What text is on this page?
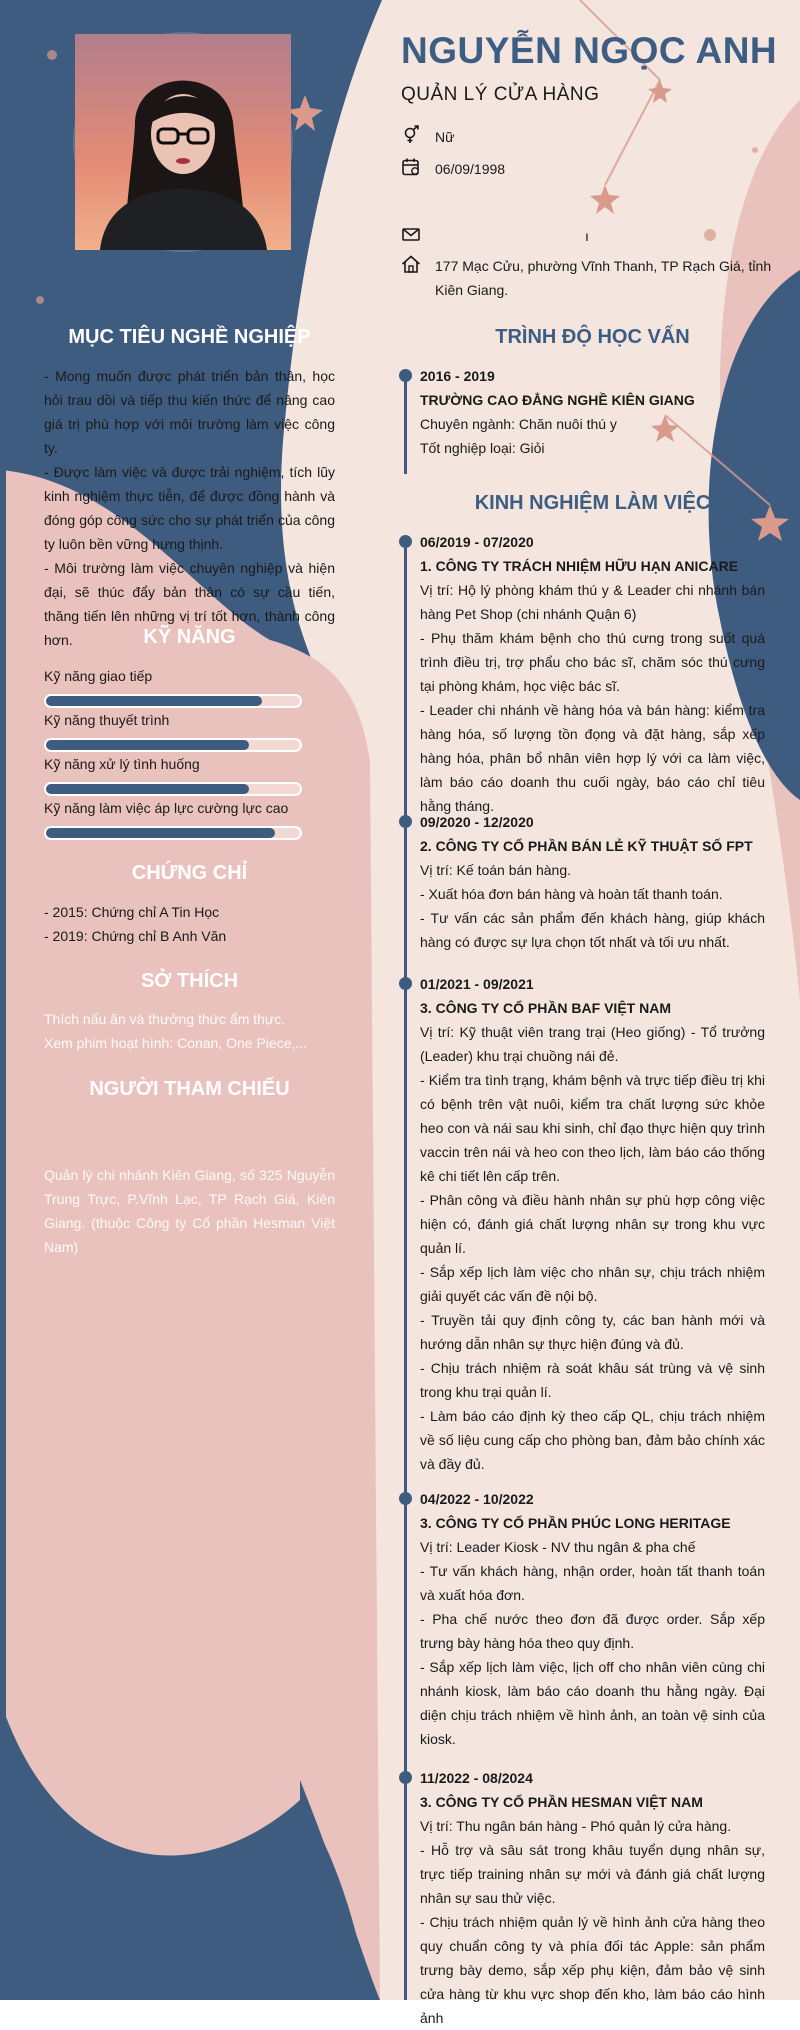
NGUYỄN NGỌC ANH
QUẢN LÝ CỬA HÀNG
Nữ
06/09/1998
ı
177 Mạc Cửu, phường Vĩnh Thanh, TP Rạch Giá, tỉnh Kiên Giang.
MỤC TIÊU NGHỀ NGHIỆP

- Mong muốn được phát triển bản thân, học hỏi trau dồi và tiếp thu kiến thức để nâng cao giá trị phù hợp với môi trường làm việc công ty.

- Được làm việc và được trải nghiệm, tích lũy kinh nghiệm thực tiễn, để được đồng hành và đóng góp công sức cho sự phát triển của công ty luôn bền vững hưng thịnh.

- Môi trường làm việc chuyên nghiệp và hiện đại, sẽ thúc đẩy bản thân có sự cầu tiến, thăng tiến lên những vị trí tốt hơn, thành công hơn.	KỸ NĂNG
Kỹ năng giao tiếp
Kỹ năng thuyết trình
Kỹ năng xử lý tình huống
Kỹ năng làm việc áp lực cường lực cao
CHỨNG CHỈ

- 2015: Chứng chỉ A Tin Học

- 2019: Chứng chỉ B Anh Văn

SỞ THÍCH

Thích nấu ăn và thưởng thức ẩm thực.

Xem phim hoạt hình: Conan, One Piece,...

NGƯỜI THAM CHIẾU
Quản lý chi nhánh Kiên Giang, số 325 Nguyễn Trung Trực, P.Vĩnh Lạc, TP Rạch Giá, Kiên Giang. (thuộc Công ty Cổ phần Hesman Việt Nam)
TRÌNH ĐỘ HỌC VẤN

2016 - 2019

TRƯỜNG CAO ĐẲNG NGHỀ KIÊN GIANG

Chuyên ngành: Chăn nuôi thú y

Tốt nghiệp loại: Giỏi

KINH NGHIỆM LÀM VIỆC

06/2019 - 07/2020

1. CÔNG TY TRÁCH NHIỆM HỮU HẠN ANICARE

Vị trí: Hộ lý phòng khám thú y & Leader chi nhánh bán hàng Pet Shop (chi nhánh Quận 6)

- Phụ thăm khám bệnh cho thú cưng trong suốt quá trình điều trị, trợ phẩu cho bác sĩ, chăm sóc thú cưng tại phòng khám, học việc bác sĩ.

- Leader chi nhánh về hàng hóa và bán hàng: kiểm tra hàng hóa, số lượng tồn đọng và đặt hàng, sắp xếp hàng hóa, phân bổ nhân viên hợp lý với ca làm việc, làm báo cáo doanh thu cuối ngày, báo cáo chỉ tiêu hằng tháng.

09/2020 - 12/2020

2. CÔNG TY CỔ PHẦN BÁN LẺ KỸ THUẬT SỐ FPT

Vị trí: Kế toán bán hàng.

- Xuất hóa đơn bán hàng và hoàn tất thanh toán.

- Tư vấn các sản phẩm đến khách hàng, giúp khách hàng có được sự lựa chọn tốt nhất và tối ưu nhất.

01/2021 - 09/2021

3. CÔNG TY CỔ PHẦN BAF VIỆT NAM

Vị trí: Kỹ thuật viên trang trại (Heo giống) - Tổ trưởng (Leader) khu trại chuồng nái đẻ.

- Kiểm tra tình trạng, khám bệnh và trực tiếp điều trị khi có bệnh trên vật nuôi, kiểm tra chất lượng sức khỏe heo con và nái sau khi sinh, chỉ đạo thực hiện quy trình vaccin trên nái và heo con theo lịch, làm báo cáo thống kê chi tiết lên cấp trên.

- Phân công và điều hành nhân sự phù hợp công việc hiện có, đánh giá chất lượng nhân sự trong khu vực quản lí.

- Sắp xếp lịch làm việc cho nhân sự, chịu trách nhiệm giải quyết các vấn đề nội bộ.

- Truyền tải quy định công ty, các ban hành mới và hướng dẫn nhân sự thực hiện đúng và đủ.

- Chịu trách nhiệm rà soát khâu sát trùng và vệ sinh trong khu trại quản lí.

- Làm báo cáo định kỳ theo cấp QL, chịu trách nhiệm về số liệu cung cấp cho phòng ban, đảm bảo chính xác và đầy đủ.

04/2022 - 10/2022

3. CÔNG TY CỔ PHẦN PHÚC LONG HERITAGE

Vị trí: Leader Kiosk - NV thu ngân & pha chế

- Tư vấn khách hàng, nhận order, hoàn tất thanh toán và xuất hóa đơn.

- Pha chế nước theo đơn đã được order. Sắp xếp trưng bày hàng hóa theo quy định.

- Sắp xếp lịch làm việc, lịch off cho nhân viên cùng chi nhánh kiosk, làm báo cáo doanh thu hằng ngày. Đại diện chịu trách nhiệm về hình ảnh, an toàn vệ sinh của kiosk.

11/2022 - 08/2024

3. CÔNG TY CỔ PHẦN HESMAN VIỆT NAM

Vị trí: Thu ngân bán hàng - Phó quản lý cửa hàng.

- Hỗ trợ và sâu sát trong khâu tuyển dụng nhân sự, trực tiếp training nhân sự mới và đánh giá chất lượng nhân sự sau thử việc.

- Chịu trách nhiệm quản lý về hình ảnh cửa hàng theo quy chuẩn công ty và phía đối tác Apple: sản phẩm trưng bày demo, sắp xếp phụ kiện, đảm bảo vệ sinh cửa hàng từ khu vực shop đến kho, làm báo cáo hình ảnh
